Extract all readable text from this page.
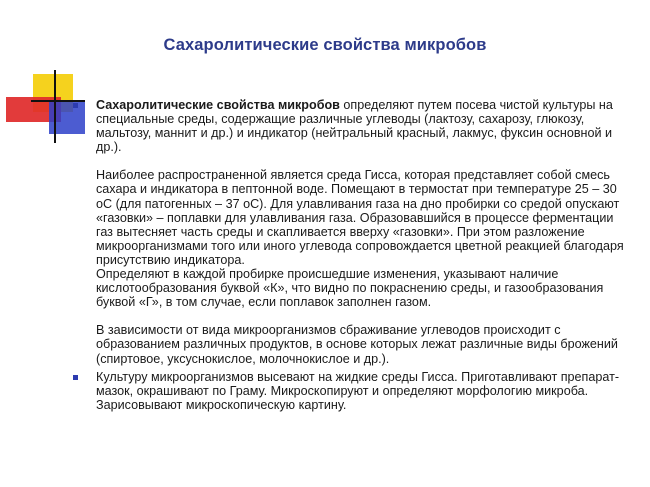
Сахаролитические свойства микробов

Сахаролитические свойства микробов определяют путем посева чистой культуры на специальные среды, содержащие различные углеводы (лактозу, сахарозу, глюкозу, мальтозу, маннит и др.) и индикатор (нейтральный красный, лакмус, фуксин основной и др.).

Наиболее распространенной является среда Гисса, которая представляет собой смесь сахара и индикатора в пептонной воде. Помещают в термостат при температуре 25 – 30 оС (для патогенных – 37 оС). Для улавливания газа на дно пробирки со средой опускают «газовки» – поплавки для улавливания газа. Образовавшийся в процессе ферментации газ вытесняет часть среды и скапливается вверху «газовки». При этом разложение микроорганизмами того или иного углевода сопровождается цветной реакцией благодаря присутствию индикатора.

Определяют в каждой пробирке происшедшие изменения, указывают наличие кислотообразования буквой «К», что видно по покраснению среды, и газообразования буквой «Г», в том случае, если поплавок заполнен газом.

В зависимости от вида микроорганизмов сбраживание углеводов происходит с образованием различных продуктов, в основе которых лежат различные виды брожений (спиртовое, уксуснокислое, молочнокислое и др.).

Культуру микроорганизмов высевают на жидкие среды Гисса. Приготавливают препарат-мазок, окрашивают по Граму. Микроскопируют и определяют морфологию микроба. Зарисовывают микроскопическую картину.
